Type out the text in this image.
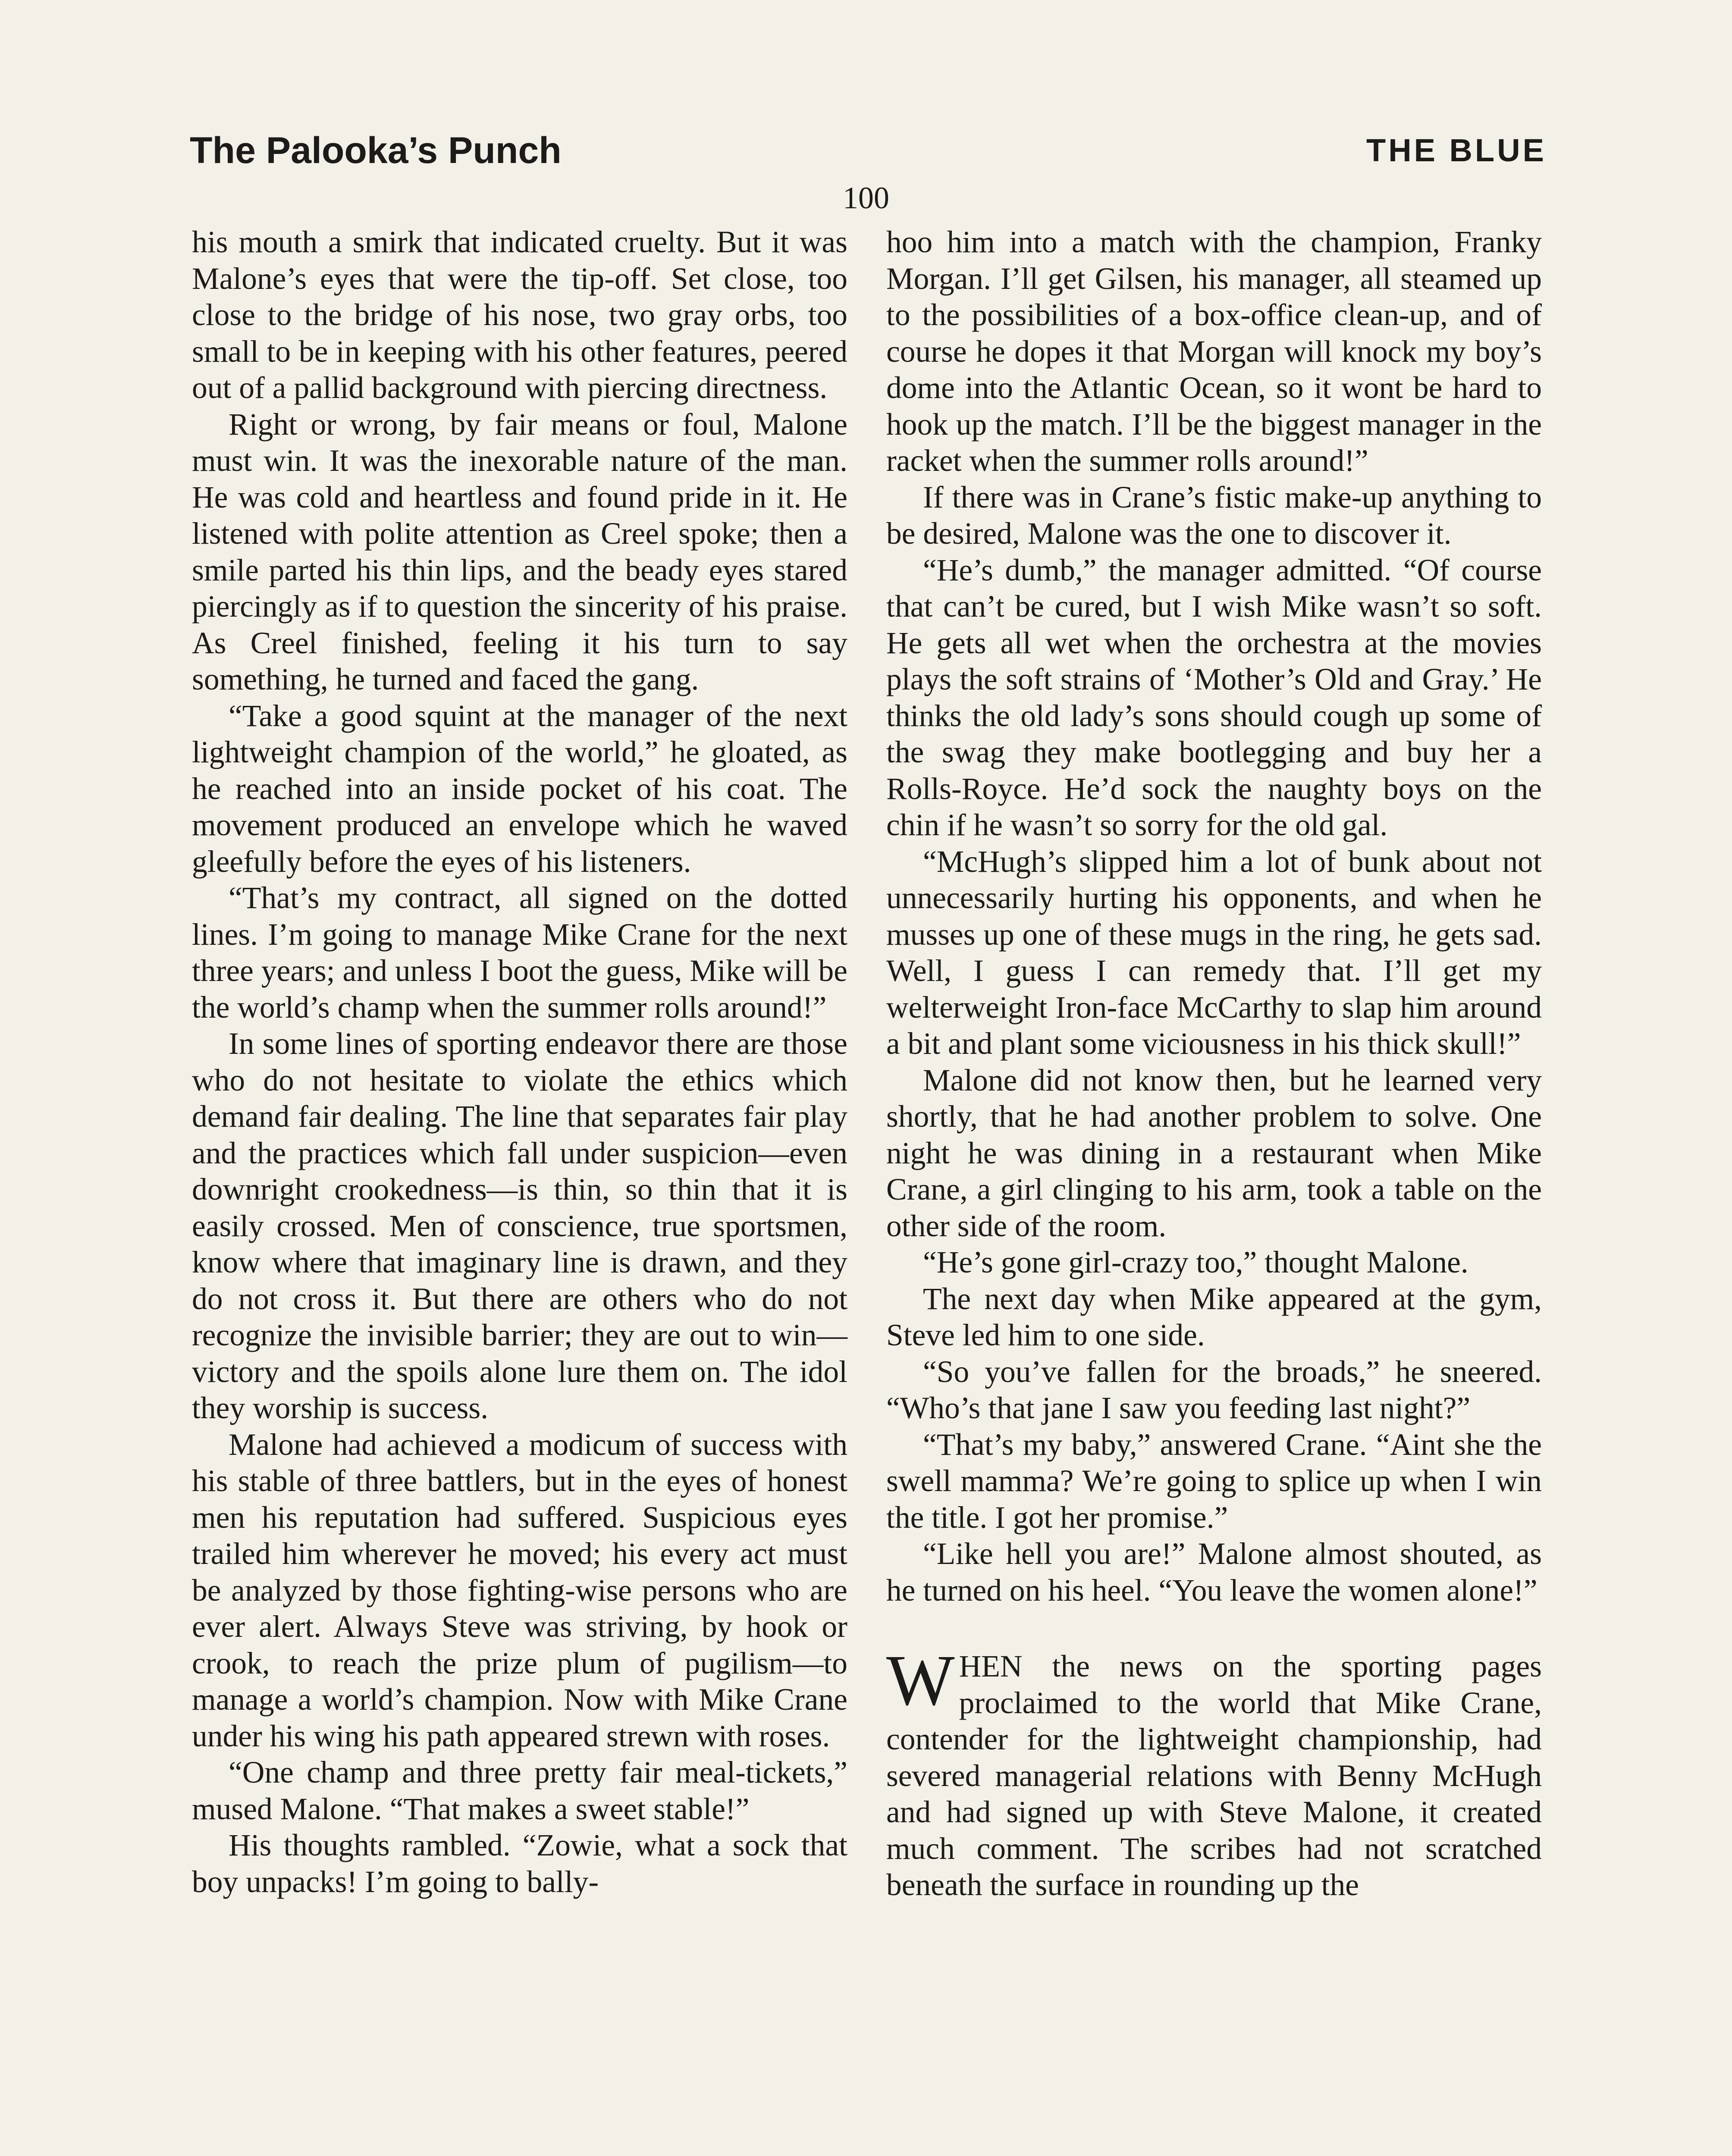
The Palooka’s Punch	THE BLUE
100

his mouth a smirk that indicated cruelty. But it was Malone’s eyes that were the tip-off. Set close, too close to the bridge of his nose, two gray orbs, too small to be in keeping with his other features, peered out of a pallid background with piercing directness.

Right or wrong, by fair means or foul, Malone must win. It was the inexorable nature of the man. He was cold and heartless and found pride in it. He listened with polite attention as Creel spoke; then a smile parted his thin lips, and the beady eyes stared piercingly as if to question the sincerity of his praise. As Creel finished, feeling it his turn to say something, he turned and faced the gang.

“Take a good squint at the manager of the next lightweight champion of the world,” he gloated, as he reached into an inside pocket of his coat. The movement produced an envelope which he waved gleefully before the eyes of his listeners.

“That’s my contract, all signed on the dotted lines. I’m going to manage Mike Crane for the next three years; and unless I boot the guess, Mike will be the world’s champ when the summer rolls around!”

In some lines of sporting endeavor there are those who do not hesitate to violate the ethics which demand fair dealing. The line that separates fair play and the practices which fall under suspicion—even downright crookedness—is thin, so thin that it is easily crossed. Men of conscience, true sportsmen, know where that imaginary line is drawn, and they do not cross it. But there are others who do not recognize the invisible barrier; they are out to win—victory and the spoils alone lure them on. The idol they worship is success.

Malone had achieved a modicum of success with his stable of three battlers, but in the eyes of honest men his reputation had suffered. Suspicious eyes trailed him wherever he moved; his every act must be analyzed by those fighting-wise persons who are ever alert. Always Steve was striving, by hook or crook, to reach the prize plum of pugilism—to manage a world’s champion. Now with Mike Crane under his wing his path appeared strewn with roses.

“One champ and three pretty fair meal-tickets,” mused Malone. “That makes a sweet stable!”

His thoughts rambled. “Zowie, what a sock that boy unpacks! I’m going to bally-

hoo him into a match with the champion, Franky Morgan. I’ll get Gilsen, his manager, all steamed up to the possibilities of a box-office clean-up, and of course he dopes it that Morgan will knock my boy’s dome into the Atlantic Ocean, so it wont be hard to hook up the match. I’ll be the biggest manager in the racket when the summer rolls around!”

If there was in Crane’s fistic make-up anything to be desired, Malone was the one to discover it.

“He’s dumb,” the manager admitted. “Of course that can’t be cured, but I wish Mike wasn’t so soft. He gets all wet when the orchestra at the movies plays the soft strains of ‘Mother’s Old and Gray.’ He thinks the old lady’s sons should cough up some of the swag they make bootlegging and buy her a Rolls-Royce. He’d sock the naughty boys on the chin if he wasn’t so sorry for the old gal.

“McHugh’s slipped him a lot of bunk about not unnecessarily hurting his opponents, and when he musses up one of these mugs in the ring, he gets sad. Well, I guess I can remedy that. I’ll get my welterweight Iron-face McCarthy to slap him around a bit and plant some viciousness in his thick skull!”

Malone did not know then, but he learned very shortly, that he had another problem to solve. One night he was dining in a restaurant when Mike Crane, a girl clinging to his arm, took a table on the other side of the room.

“He’s gone girl-crazy too,” thought Malone.

The next day when Mike appeared at the gym, Steve led him to one side.

“So you’ve fallen for the broads,” he sneered. “Who’s that jane I saw you feeding last night?”

“That’s my baby,” answered Crane. “Aint she the swell mamma? We’re going to splice up when I win the title. I got her promise.”

“Like hell you are!” Malone almost shouted, as he turned on his heel. “You leave the women alone!”

WHEN the news on the sporting pages proclaimed to the world that Mike Crane, contender for the lightweight championship, had severed managerial relations with Benny McHugh and had signed up with Steve Malone, it created much comment. The scribes had not scratched beneath the surface in rounding up the
